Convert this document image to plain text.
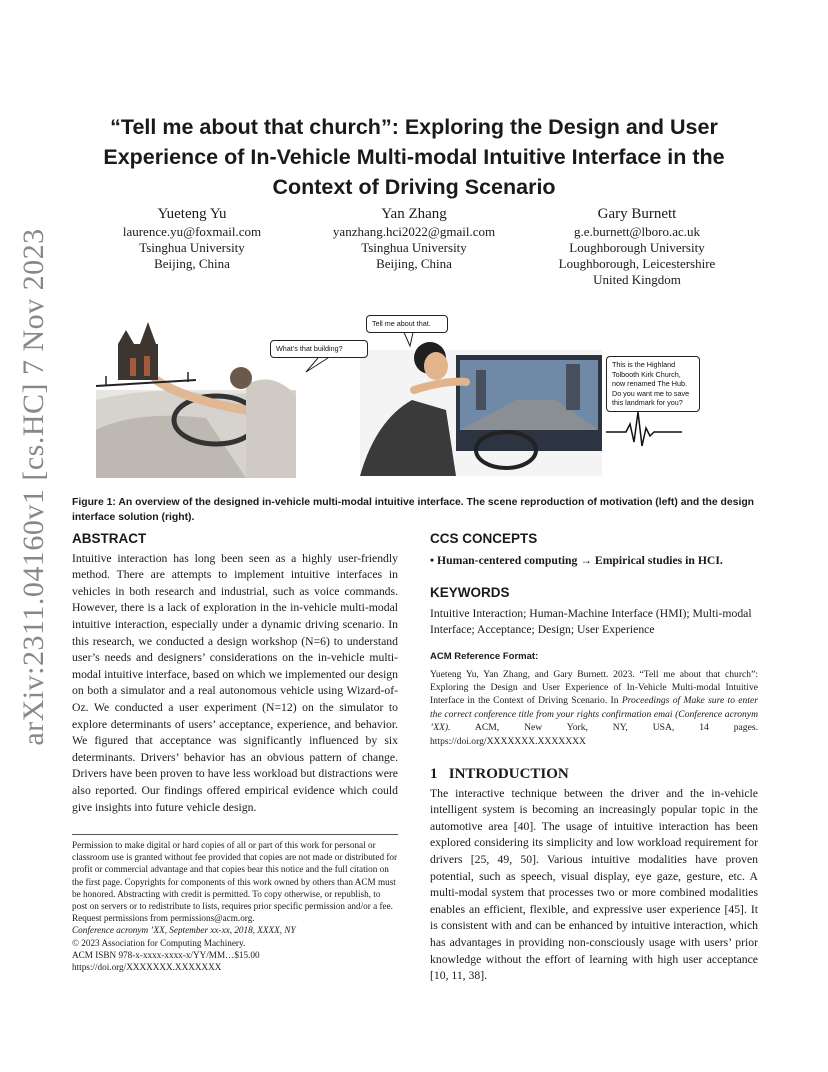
arXiv:2311.04160v1 [cs.HC] 7 Nov 2023
“Tell me about that church”: Exploring the Design and User Experience of In-Vehicle Multi-modal Intuitive Interface in the Context of Driving Scenario
Yueteng Yu
laurence.yu@foxmail.com
Tsinghua University
Beijing, China
Yan Zhang
yanzhang.hci2022@gmail.com
Tsinghua University
Beijing, China
Gary Burnett
g.e.burnett@lboro.ac.uk
Loughborough University
Loughborough, Leicestershire
United Kingdom
What’s that building?
Tell me about that.
This is the Highland Tolbooth Kirk Church, now renamed The Hub. Do you want me to save this landmark for you?
Figure 1: An overview of the designed in-vehicle multi-modal intuitive interface. The scene reproduction of motivation (left) and the design interface solution (right).

ABSTRACT

Intuitive interaction has long been seen as a highly user-friendly method. There are attempts to implement intuitive interfaces in vehicles in both research and industrial, such as voice commands. However, there is a lack of exploration in the in-vehicle multi-modal intuitive interaction, especially under a dynamic driving scenario. In this research, we conducted a design workshop (N=6) to understand user’s needs and designers’ considerations on the in-vehicle multi-modal intuitive interface, based on which we implemented our design on both a simulator and a real autonomous vehicle using Wizard-of-Oz. We conducted a user experiment (N=12) on the simulator to explore determinants of users’ acceptance, experience, and behavior. We figured that acceptance was significantly influenced by six determinants. Drivers’ behavior has an obvious pattern of change. Drivers have been proven to have less workload but distractions were also reported. Our findings offered empirical evidence which could give insights into future vehicle design.
Permission to make digital or hard copies of all or part of this work for personal or classroom use is granted without fee provided that copies are not made or distributed for profit or commercial advantage and that copies bear this notice and the full citation on the first page. Copyrights for components of this work owned by others than ACM must be honored. Abstracting with credit is permitted. To copy otherwise, or republish, to post on servers or to redistribute to lists, requires prior specific permission and/or a fee. Request permissions from permissions@acm.org.
Conference acronym ’XX, September xx-xx, 2018, XXXX, NY
© 2023 Association for Computing Machinery.
ACM ISBN 978-x-xxxx-xxxx-x/YY/MM…$15.00
https://doi.org/XXXXXXX.XXXXXXX

CCS CONCEPTS

• Human-centered computing → Empirical studies in HCI.

KEYWORDS

Intuitive Interaction; Human-Machine Interface (HMI); Multi-modal Interface; Acceptance; Design; User Experience
ACM Reference Format:
Yueteng Yu, Yan Zhang, and Gary Burnett. 2023. “Tell me about that church”: Exploring the Design and User Experience of In-Vehicle Multi-modal Intuitive Interface in the Context of Driving Scenario. In Proceedings of Make sure to enter the correct conference title from your rights confirmation emai (Conference acronym ’XX). ACM, New York, NY, USA, 14 pages. https://doi.org/XXXXXXX.XXXXXXX

1   INTRODUCTION

The interactive technique between the driver and the in-vehicle intelligent system is becoming an increasingly popular topic in the automotive area [40]. The usage of intuitive interaction has been explored considering its simplicity and low workload requirement for drivers [25, 49, 50]. Various intuitive modalities have proven potential, such as speech, visual display, eye gaze, gesture, etc. A multi-modal system that processes two or more combined modalities enables an efficient, flexible, and expressive user experience [45]. It is consistent with and can be enhanced by intuitive interaction, which has advantages in providing non-consciously usage with users’ prior knowledge without the effort of learning with high user acceptance [10, 11, 38].
